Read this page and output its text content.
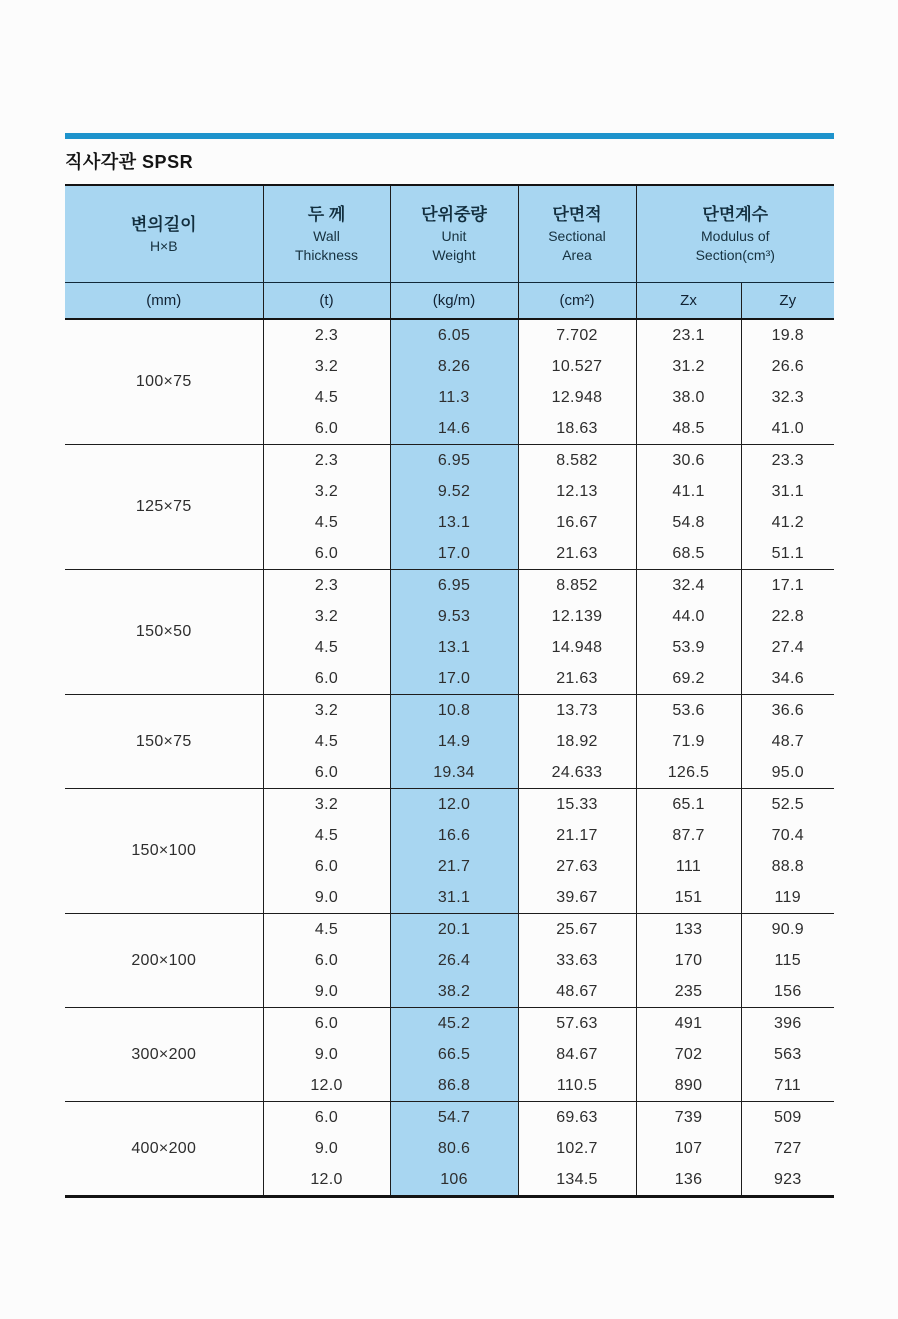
직사각관 SPSR
변의길이
H×B

두 께
Wall
Thickness

단위중량
Unit
Weight

단면적
Sectional
Area

단면계수
Modulus of
Section(cm³)

(mm)	(t)	(kg/m)	(cm²)	Zx	Zy
100×75	2.3	6.05	7.702	23.1	19.8
	3.2	8.26	10.527	31.2	26.6
	4.5	11.3	12.948	38.0	32.3
	6.0	14.6	18.63	48.5	41.0
125×75	2.3	6.95	8.582	30.6	23.3
	3.2	9.52	12.13	41.1	31.1
	4.5	13.1	16.67	54.8	41.2
	6.0	17.0	21.63	68.5	51.1
150×50	2.3	6.95	8.852	32.4	17.1
	3.2	9.53	12.139	44.0	22.8
	4.5	13.1	14.948	53.9	27.4
	6.0	17.0	21.63	69.2	34.6
150×75	3.2	10.8	13.73	53.6	36.6
	4.5	14.9	18.92	71.9	48.7
	6.0	19.34	24.633	126.5	95.0
150×100	3.2	12.0	15.33	65.1	52.5
	4.5	16.6	21.17	87.7	70.4
	6.0	21.7	27.63	111	88.8
	9.0	31.1	39.67	151	119
200×100	4.5	20.1	25.67	133	90.9
	6.0	26.4	33.63	170	115
	9.0	38.2	48.67	235	156
300×200	6.0	45.2	57.63	491	396
	9.0	66.5	84.67	702	563
	12.0	86.8	110.5	890	711
400×200	6.0	54.7	69.63	739	509
	9.0	80.6	102.7	107	727
	12.0	106	134.5	136	923
